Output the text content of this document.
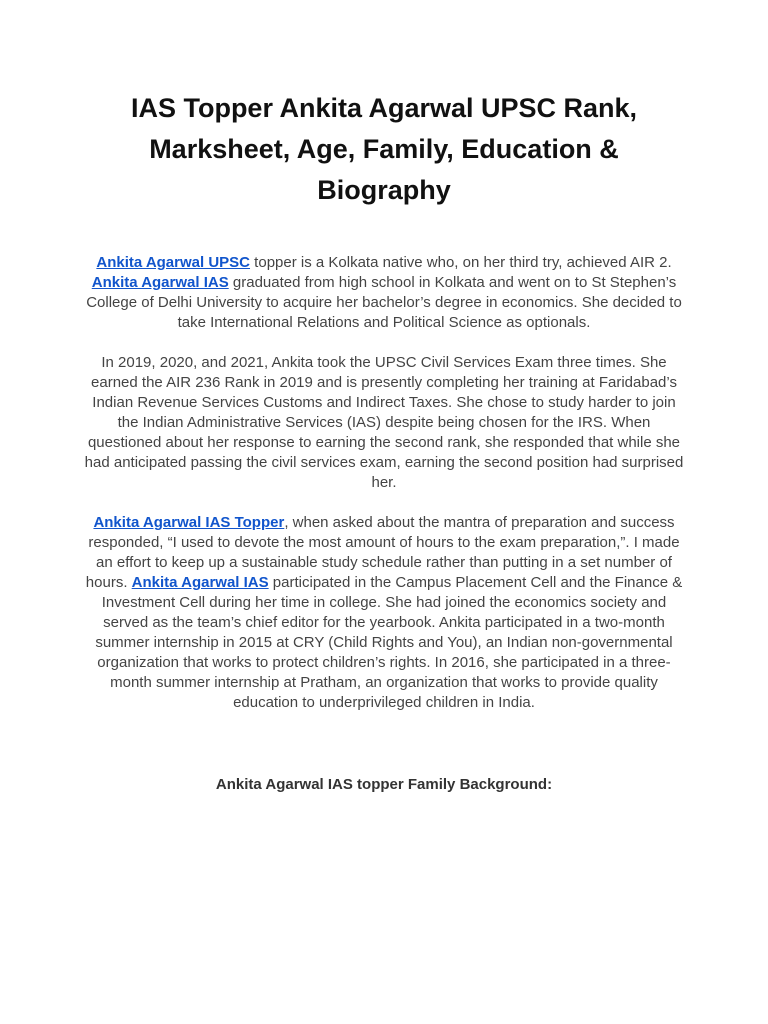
IAS Topper Ankita Agarwal UPSC Rank, Marksheet, Age, Family, Education & Biography

Ankita Agarwal UPSC topper is a Kolkata native who, on her third try, achieved AIR 2. Ankita Agarwal IAS graduated from high school in Kolkata and went on to St Stephen’s College of Delhi University to acquire her bachelor’s degree in economics. She decided to take International Relations and Political Science as optionals.

In 2019, 2020, and 2021, Ankita took the UPSC Civil Services Exam three times. She earned the AIR 236 Rank in 2019 and is presently completing her training at Faridabad’s Indian Revenue Services Customs and Indirect Taxes. She chose to study harder to join the Indian Administrative Services (IAS) despite being chosen for the IRS. When questioned about her response to earning the second rank, she responded that while she had anticipated passing the civil services exam, earning the second position had surprised her.

Ankita Agarwal IAS Topper, when asked about the mantra of preparation and success responded, “I used to devote the most amount of hours to the exam preparation,”. I made an effort to keep up a sustainable study schedule rather than putting in a set number of hours. Ankita Agarwal IAS participated in the Campus Placement Cell and the Finance & Investment Cell during her time in college. She had joined the economics society and served as the team’s chief editor for the yearbook. Ankita participated in a two-month summer internship in 2015 at CRY (Child Rights and You), an Indian non-governmental organization that works to protect children’s rights. In 2016, she participated in a three-month summer internship at Pratham, an organization that works to provide quality education to underprivileged children in India.

Ankita Agarwal IAS topper Family Background:
